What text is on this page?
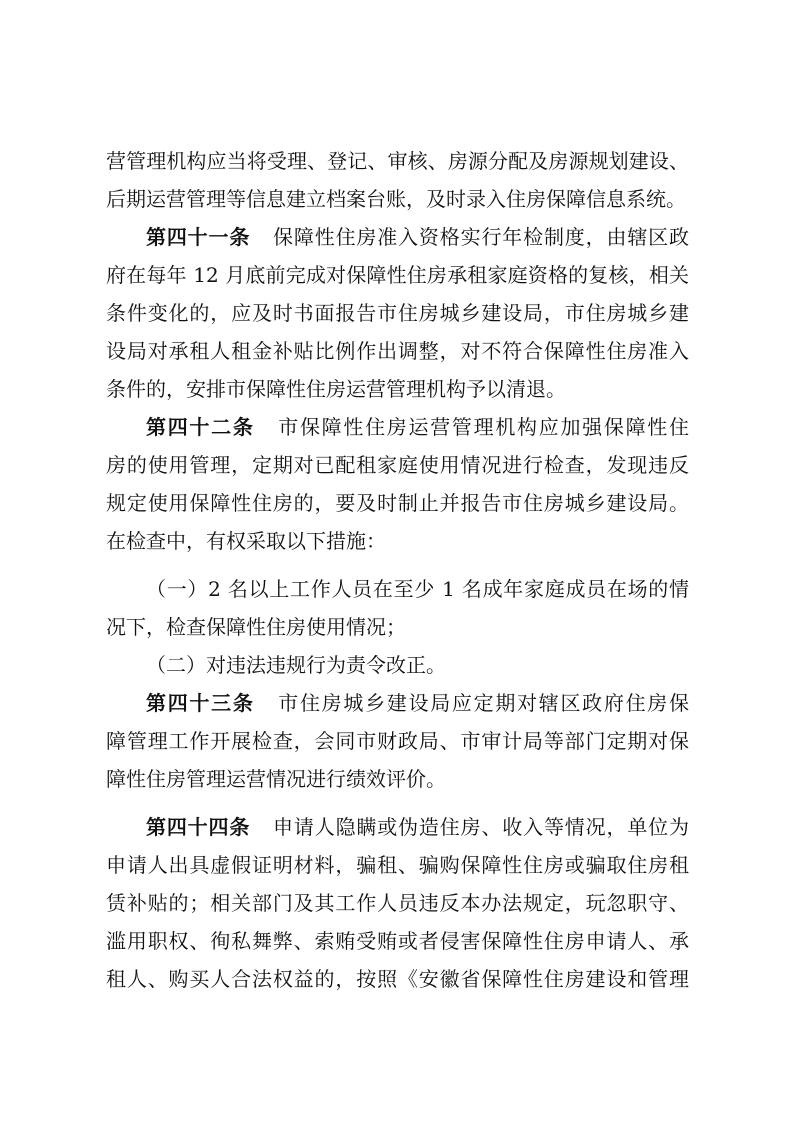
营管理机构应当将受理、登记、审核、房源分配及房源规划建设、
后期运营管理等信息建立档案台账，及时录入住房保障信息系统。
第四十一条 保障性住房准入资格实行年检制度，由辖区政
府在每年 12 月底前完成对保障性住房承租家庭资格的复核，相关
条件变化的，应及时书面报告市住房城乡建设局，市住房城乡建
设局对承租人租金补贴比例作出调整，对不符合保障性住房准入
条件的，安排市保障性住房运营管理机构予以清退。
第四十二条 市保障性住房运营管理机构应加强保障性住
房的使用管理，定期对已配租家庭使用情况进行检查，发现违反
规定使用保障性住房的，要及时制止并报告市住房城乡建设局。
在检查中，有权采取以下措施：
（一）2 名以上工作人员在至少 1 名成年家庭成员在场的情
况下，检查保障性住房使用情况；
（二）对违法违规行为责令改正。
第四十三条 市住房城乡建设局应定期对辖区政府住房保
障管理工作开展检查，会同市财政局、市审计局等部门定期对保
障性住房管理运营情况进行绩效评价。
第四十四条 申请人隐瞒或伪造住房、收入等情况，单位为
申请人出具虚假证明材料，骗租、骗购保障性住房或骗取住房租
赁补贴的；相关部门及其工作人员违反本办法规定，玩忽职守、
滥用职权、徇私舞弊、索贿受贿或者侵害保障性住房申请人、承
租人、购买人合法权益的，按照《安徽省保障性住房建设和管理
